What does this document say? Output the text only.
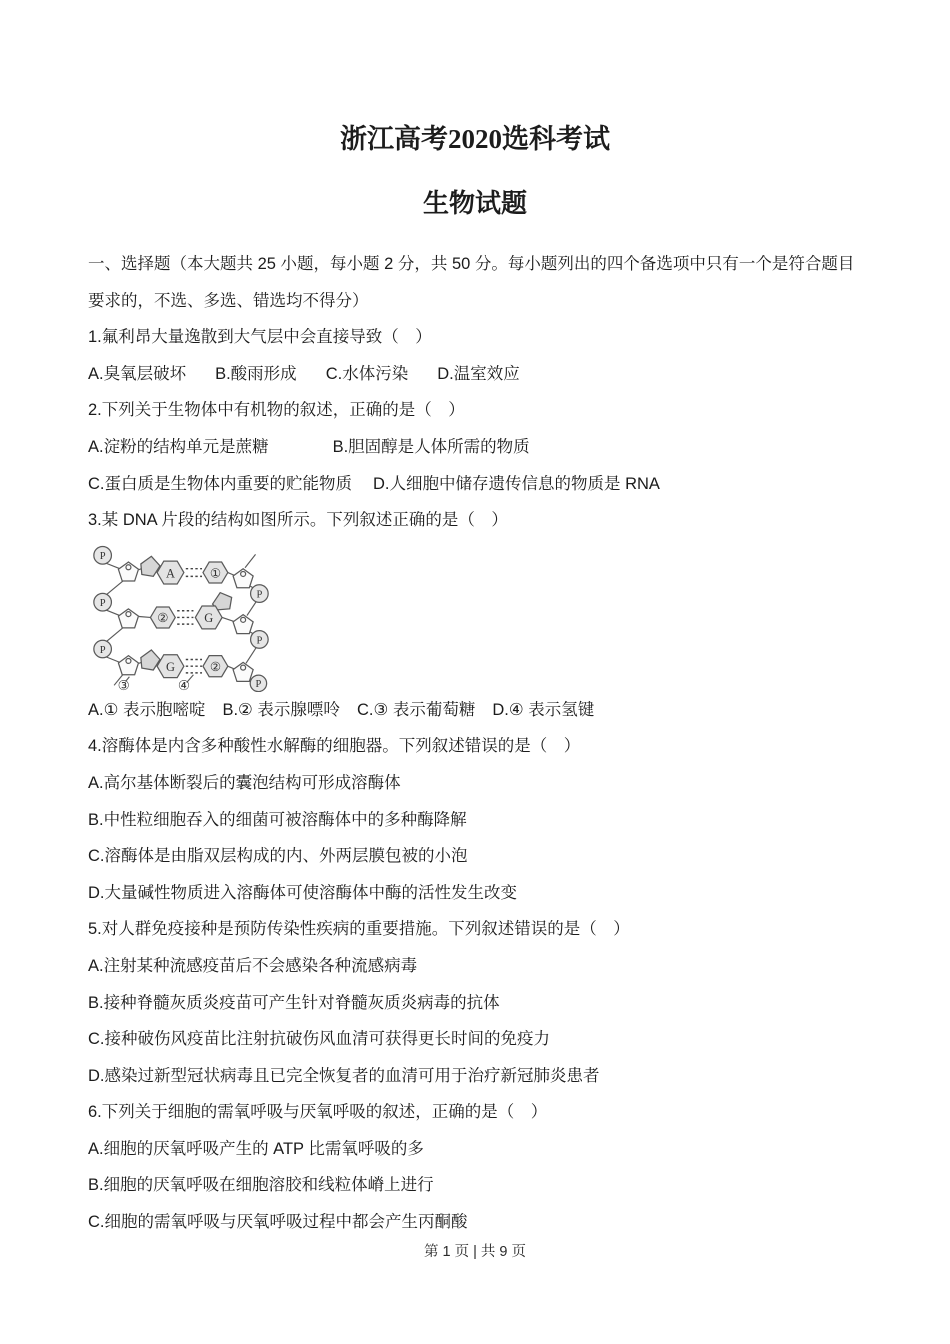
浙江高考2020选科考试
生物试题

一、选择题（本大题共 25 小题，每小题 2 分，共 50 分。每小题列出的四个备选项中只有一个是符合题目

要求的，不选、多选、错选均不得分）

1.氟利昂大量逸散到大气层中会直接导致（　）

A.臭氧层破坏 B.酸雨形成 C.水体污染 D.温室效应

2.下列关于生物体中有机物的叙述，正确的是（　）

A.淀粉的结构单元是蔗糖	B.胆固醇是人体所需的物质

C.蛋白质是生物体内重要的贮能物质 D.人细胞中储存遗传信息的物质是 RNA

3.某 DNA 片段的结构如图所示。下列叙述正确的是（　）

A	①
②	G
G	②
P
P
P
P
P
P
③	④

A.① 表示胞嘧啶 B.② 表示腺嘌呤 C.③ 表示葡萄糖 D.④ 表示氢键

4.溶酶体是内含多种酸性水解酶的细胞器。下列叙述错误的是（　）

A.高尔基体断裂后的囊泡结构可形成溶酶体

B.中性粒细胞吞入的细菌可被溶酶体中的多种酶降解

C.溶酶体是由脂双层构成的内、外两层膜包被的小泡

D.大量碱性物质进入溶酶体可使溶酶体中酶的活性发生改变

5.对人群免疫接种是预防传染性疾病的重要措施。下列叙述错误的是（　）

A.注射某种流感疫苗后不会感染各种流感病毒

B.接种脊髓灰质炎疫苗可产生针对脊髓灰质炎病毒的抗体

C.接种破伤风疫苗比注射抗破伤风血清可获得更长时间的免疫力

D.感染过新型冠状病毒且已完全恢复者的血清可用于治疗新冠肺炎患者

6.下列关于细胞的需氧呼吸与厌氧呼吸的叙述，正确的是（　）

A.细胞的厌氧呼吸产生的 ATP 比需氧呼吸的多

B.细胞的厌氧呼吸在细胞溶胶和线粒体嵴上进行

C.细胞的需氧呼吸与厌氧呼吸过程中都会产生丙酮酸

第 1 页 | 共 9 页
